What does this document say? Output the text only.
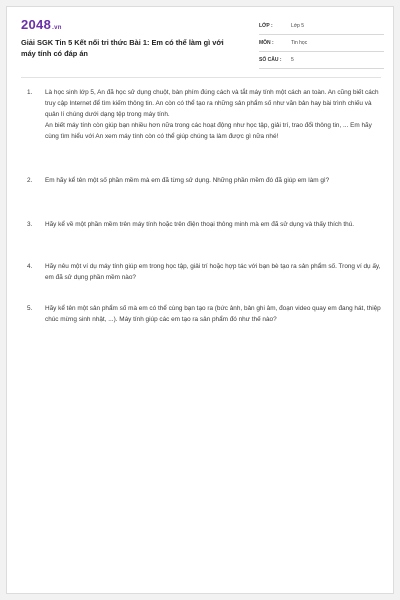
2048.vn
Giải SGK Tin 5 Kết nối tri thức Bài 1: Em có thể làm gì với máy tính có đáp án
LỚP :	Lớp 5
MÔN :	Tin học
SỐ CÂU : 5
1. Là học sinh lớp 5, An đã học sử dụng chuột, bàn phím đúng cách và tắt máy tính một cách an toàn. An cũng biết cách truy cập Internet để tìm kiếm thông tin. An còn có thể tạo ra những sản phẩm số như văn bản hay bài trình chiếu và quản lí chúng dưới dạng tệp trong máy tính.

An biết máy tính còn giúp bạn nhiều hơn nữa trong các hoạt động như học tập, giải trí, trao đổi thông tin, ... Em hãy cùng tìm hiểu với An xem máy tính còn có thể giúp chúng ta làm được gì nữa nhé!

2. Em hãy kể tên một số phần mềm mà em đã từng sử dụng. Những phần mềm đó đã giúp em làm gì?

3. Hãy kể về một phần mềm trên máy tính hoặc trên điện thoại thông minh mà em đã sử dụng và thấy thích thú.

4. Hãy nêu một ví dụ máy tính giúp em trong học tập, giải trí hoặc hợp tác với bạn bè tạo ra sản phẩm số. Trong ví dụ ấy, em đã sử dụng phần mềm nào?

5. Hãy kể tên một sản phẩm số mà em có thể cùng bạn tạo ra (bức ảnh, bản ghi âm, đoạn video quay em đang hát, thiệp chúc mừng sinh nhật, ...). Máy tính giúp các em tạo ra sản phẩm đó như thế nào?
